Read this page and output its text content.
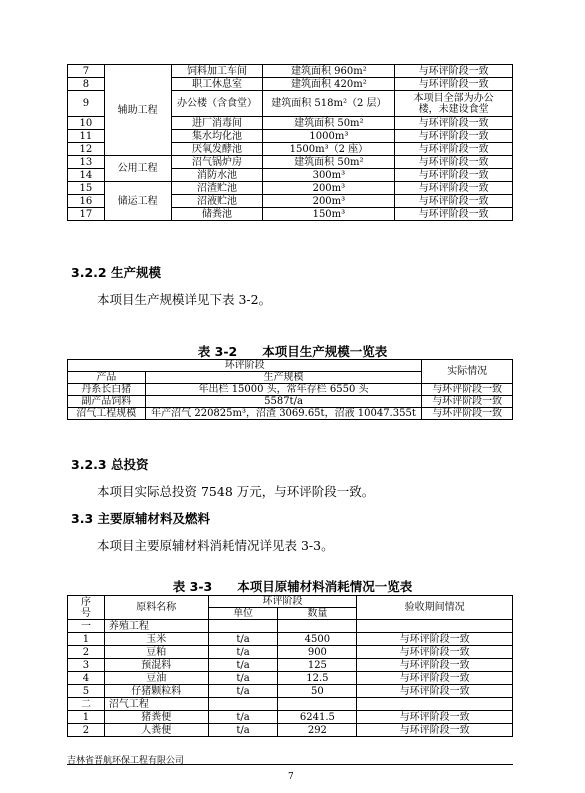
7	辅助工程	饲料加工车间	建筑面积 960m²	与环评阶段一致
8		职工休息室	建筑面积 420m²	与环评阶段一致
9		办公楼（含食堂）	建筑面积 518m²（2 层）	本项目全部为办公
楼，未建设食堂

10		进厂消毒间	建筑面积 50m²	与环评阶段一致
11		集水均化池	1000m³	与环评阶段一致
12		厌氧发酵池	1500m³（2 座）	与环评阶段一致
13	公用工程	沼气锅炉房	建筑面积 50m²	与环评阶段一致
14		消防水池	300m³	与环评阶段一致
15	储运工程	沼渣贮池	200m³	与环评阶段一致
16		沼液贮池	200m³	与环评阶段一致
17		储粪池	150m³	与环评阶段一致
3.2.2 生产规模
本项目生产规模详见下表 3-2。
表 3-2　　本项目生产规模一览表
环评阶段		实际情况
产品	生产规模	
丹系长白猪	年出栏 15000 头，常年存栏 6550 头	与环评阶段一致
副产品饲料	5587t/a	与环评阶段一致
沼气工程规模	年产沼气 220825m³，沼渣 3069.65t，沼液 10047.355t	与环评阶段一致
3.2.3 总投资
本项目实际总投资 7548 万元，与环评阶段一致。
3.3 主要原辅材料及燃料
本项目主要原辅材料消耗情况详见表 3-3。
表 3-3　　本项目原辅材料消耗情况一览表
序
号	原料名称	环评阶段		验收期间情况
		单位	数量	
一	养殖工程			
1	玉米	t/a	4500	与环评阶段一致
2	豆粕	t/a	900	与环评阶段一致
3	预混料	t/a	125	与环评阶段一致
4	豆油	t/a	12.5	与环评阶段一致
5	仔猪颗粒料	t/a	50	与环评阶段一致
二	沼气工程			
1	猪粪便	t/a	6241.5	与环评阶段一致
2	人粪便	t/a	292	与环评阶段一致
吉林省晋航环保工程有限公司
7
